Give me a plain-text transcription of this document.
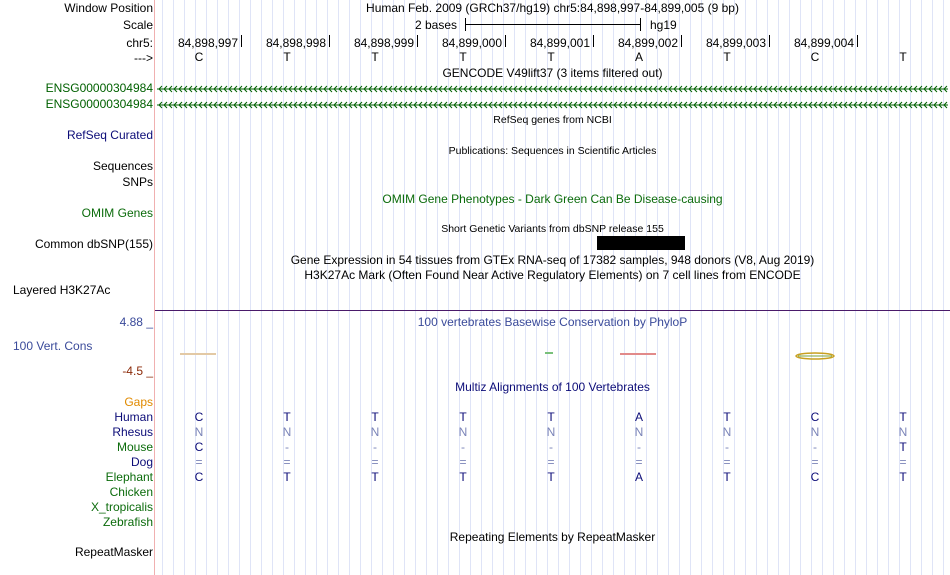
Window Position	Human Feb. 2009 (GRCh37/hg19) chr5:84,898,997-84,899,005 (9 bp)
Scale	2 bases	hg19
chr5: 84,898,997 84,898,998 84,898,999 84,899,000 84,899,001 84,899,002 84,899,003 84,899,004
--->	C	T	T	T	T	A	T	C	T
GENCODE V49lift37 (3 items filtered out)
ENSG00000304984
ENSG00000304984
RefSeq genes from NCBI
RefSeq Curated
Publications: Sequences in Scientific Articles
Sequences
SNPs
OMIM Gene Phenotypes - Dark Green Can Be Disease-causing
OMIM Genes
Short Genetic Variants from dbSNP release 155
Common dbSNP(155)
Gene Expression in 54 tissues from GTEx RNA-seq of 17382 samples, 948 donors (V8, Aug 2019)
H3K27Ac Mark (Often Found Near Active Regulatory Elements) on 7 cell lines from ENCODE
Layered H3K27Ac
4.88 _	100 vertebrates Basewise Conservation by PhyloP
100 Vert. Cons
-4.5 _
Multiz Alignments of 100 Vertebrates
Gaps
Human	C	T	T	T	T	A	T	C	T
Rhesus	N	N	N	N	N	N	N	N	N
Mouse	C	-	-	-	-	-	-	-	T
Dog	=	=	=	=	=	=	=	=	=
Elephant	C	T	T	T	T	A	T	C	T
Chicken
X_tropicalis
Zebrafish
Repeating Elements by RepeatMasker
RepeatMasker
